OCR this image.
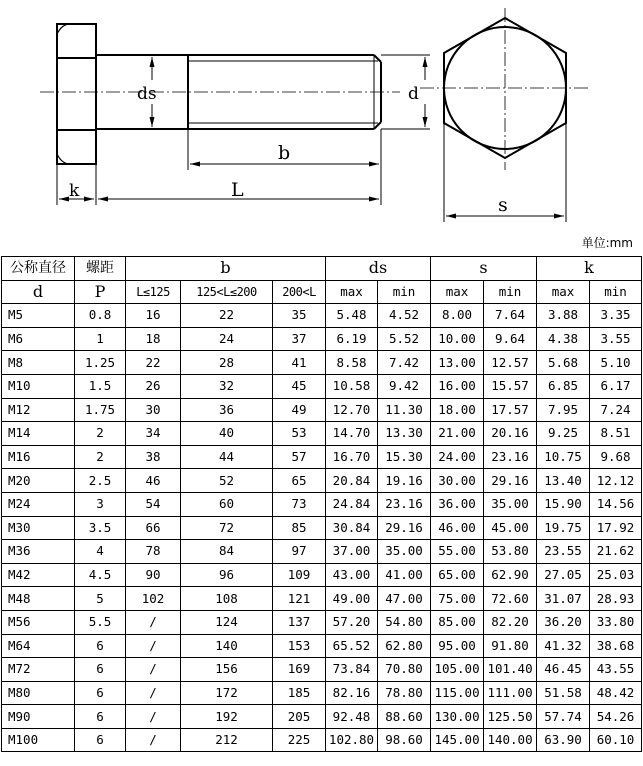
ds	d
b
k	L
s
单位:mm
公称直径	螺距	b			ds		s		k	
d	P	L≤125	125<L≤200	200<L	max	min	max	min	max	min
M5	0.8	16	22	35	5.48	4.52	8.00	7.64	3.88	3.35
M6	1	18	24	37	6.19	5.52	10.00	9.64	4.38	3.55
M8	1.25	22	28	41	8.58	7.42	13.00	12.57	5.68	5.10
M10	1.5	26	32	45	10.58	9.42	16.00	15.57	6.85	6.17
M12	1.75	30	36	49	12.70	11.30	18.00	17.57	7.95	7.24
M14	2	34	40	53	14.70	13.30	21.00	20.16	9.25	8.51
M16	2	38	44	57	16.70	15.30	24.00	23.16	10.75	9.68
M20	2.5	46	52	65	20.84	19.16	30.00	29.16	13.40	12.12
M24	3	54	60	73	24.84	23.16	36.00	35.00	15.90	14.56
M30	3.5	66	72	85	30.84	29.16	46.00	45.00	19.75	17.92
M36	4	78	84	97	37.00	35.00	55.00	53.80	23.55	21.62
M42	4.5	90	96	109	43.00	41.00	65.00	62.90	27.05	25.03
M48	5	102	108	121	49.00	47.00	75.00	72.60	31.07	28.93
M56	5.5	/	124	137	57.20	54.80	85.00	82.20	36.20	33.80
M64	6	/	140	153	65.52	62.80	95.00	91.80	41.32	38.68
M72	6	/	156	169	73.84	70.80	105.00	101.40	46.45	43.55
M80	6	/	172	185	82.16	78.80	115.00	111.00	51.58	48.42
M90	6	/	192	205	92.48	88.60	130.00	125.50	57.74	54.26
M100	6	/	212	225	102.80	98.60	145.00	140.00	63.90	60.10
